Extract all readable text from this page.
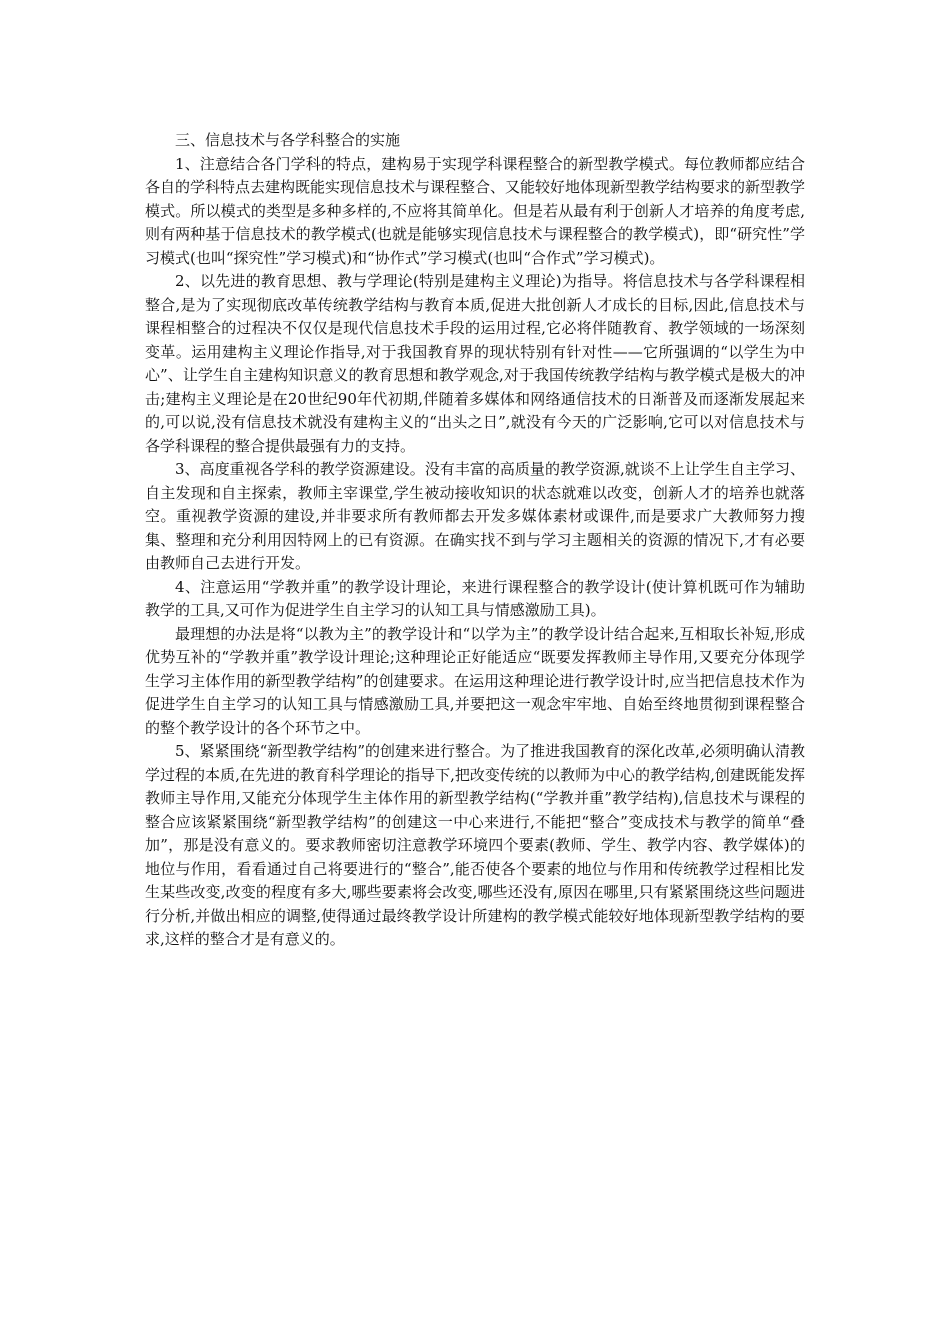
三、信息技术与各学科整合的实施

1、注意结合各门学科的特点，建构易于实现学科课程整合的新型教学模式。每位教师都应结合各自的学科特点去建构既能实现信息技术与课程整合、又能较好地体现新型教学结构要求的新型教学模式。所以模式的类型是多种多样的,不应将其简单化。但是若从最有利于创新人才培养的角度考虑,则有两种基于信息技术的教学模式(也就是能够实现信息技术与课程整合的教学模式)，即“研究性”学习模式(也叫“探究性”学习模式)和“协作式”学习模式(也叫“合作式”学习模式)。

2、以先进的教育思想、教与学理论(特别是建构主义理论)为指导。将信息技术与各学科课程相整合,是为了实现彻底改革传统教学结构与教育本质,促进大批创新人才成长的目标,因此,信息技术与课程相整合的过程决不仅仅是现代信息技术手段的运用过程,它必将伴随教育、教学领域的一场深刻变革。运用建构主义理论作指导,对于我国教育界的现状特别有针对性——它所强调的“以学生为中心”、让学生自主建构知识意义的教育思想和教学观念,对于我国传统教学结构与教学模式是极大的冲击;建构主义理论是在20世纪90年代初期,伴随着多媒体和网络通信技术的日渐普及而逐渐发展起来的,可以说,没有信息技术就没有建构主义的“出头之日”,就没有今天的广泛影响,它可以对信息技术与各学科课程的整合提供最强有力的支持。

3、高度重视各学科的教学资源建设。没有丰富的高质量的教学资源,就谈不上让学生自主学习、自主发现和自主探索，教师主宰课堂,学生被动接收知识的状态就难以改变，创新人才的培养也就落空。重视教学资源的建设,并非要求所有教师都去开发多媒体素材或课件,而是要求广大教师努力搜集、整理和充分利用因特网上的已有资源。在确实找不到与学习主题相关的资源的情况下,才有必要由教师自己去进行开发。

4、注意运用“学教并重”的教学设计理论，来进行课程整合的教学设计(使计算机既可作为辅助教学的工具,又可作为促进学生自主学习的认知工具与情感激励工具)。

最理想的办法是将“以教为主”的教学设计和“以学为主”的教学设计结合起来,互相取长补短,形成优势互补的“学教并重”教学设计理论;这种理论正好能适应“既要发挥教师主导作用,又要充分体现学生学习主体作用的新型教学结构”的创建要求。在运用这种理论进行教学设计时,应当把信息技术作为促进学生自主学习的认知工具与情感激励工具,并要把这一观念牢牢地、自始至终地贯彻到课程整合的整个教学设计的各个环节之中。

5、紧紧围绕“新型教学结构”的创建来进行整合。为了推进我国教育的深化改革,必须明确认清教学过程的本质,在先进的教育科学理论的指导下,把改变传统的以教师为中心的教学结构,创建既能发挥教师主导作用,又能充分体现学生主体作用的新型教学结构(“学教并重”教学结构),信息技术与课程的整合应该紧紧围绕“新型教学结构”的创建这一中心来进行,不能把“整合”变成技术与教学的简单“叠加”，那是没有意义的。要求教师密切注意教学环境四个要素(教师、学生、教学内容、教学媒体)的地位与作用，看看通过自己将要进行的“整合”,能否使各个要素的地位与作用和传统教学过程相比发生某些改变,改变的程度有多大,哪些要素将会改变,哪些还没有,原因在哪里,只有紧紧围绕这些问题进行分析,并做出相应的调整,使得通过最终教学设计所建构的教学模式能较好地体现新型教学结构的要求,这样的整合才是有意义的。
